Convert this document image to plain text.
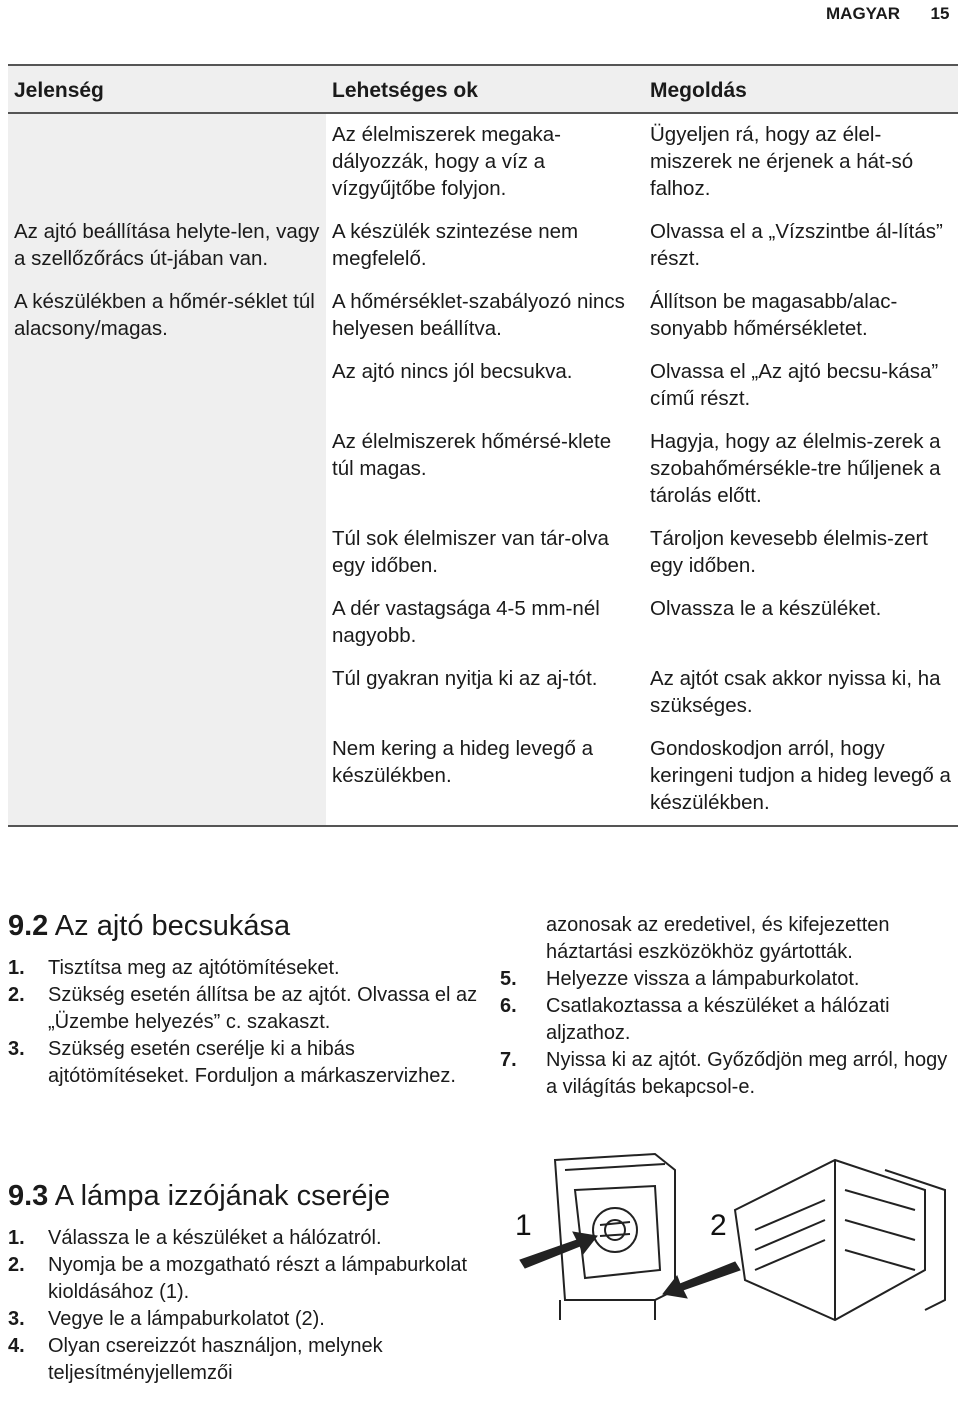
MAGYAR	15
Jelenség	Lehetséges ok	Megoldás
	Az élelmiszerek megaka-dályozzák, hogy a víz a vízgyűjtőbe folyjon.	Ügyeljen rá, hogy az élel-miszerek ne érjenek a hát-só falhoz.
Az ajtó beállítása helyte-len, vagy a szellőzőrács út-jában van.	A készülék szintezése nem megfelelő.	Olvassa el a „Vízszintbe ál-lítás” részt.
A készülékben a hőmér-séklet túl alacsony/magas.	A hőmérséklet-szabályozó nincs helyesen beállítva.	Állítson be magasabb/alac-sonyabb hőmérsékletet.
	Az ajtó nincs jól becsukva.	Olvassa el „Az ajtó becsu-kása” című részt.
	Az élelmiszerek hőmérsé-klete túl magas.	Hagyja, hogy az élelmis-zerek a szobahőmérsékle-tre hűljenek a tárolás előtt.
	Túl sok élelmiszer van tár-olva egy időben.	Tároljon kevesebb élelmis-zert egy időben.
	A dér vastagsága 4-5 mm-nél nagyobb.	Olvassza le a készüléket.
	Túl gyakran nyitja ki az aj-tót.	Az ajtót csak akkor nyissa ki, ha szükséges.
	Nem kering a hideg levegő a készülékben.	Gondoskodjon arról, hogy keringeni tudjon a hideg levegő a készülékben.
9.2 Az ajtó becsukása
1. Tisztítsa meg az ajtótömítéseket.
2. Szükség esetén állítsa be az ajtót. Olvassa el az „Üzembe helyezés” c. szakaszt.
3. Szükség esetén cserélje ki a hibás ajtótömítéseket. Forduljon a márkaszervizhez.
9.3 A lámpa izzójának cseréje
1. Válassza le a készüléket a hálózatról.
2. Nyomja be a mozgatható részt a lámpaburkolat kioldásához (1).
3. Vegye le a lámpaburkolatot (2).
4. Olyan csereizzót használjon, melynek teljesítményjellemzői

azonosak az eredetivel, és kifejezetten háztartási eszközökhöz gyártották.

5. Helyezze vissza a lámpaburkolatot.
6. Csatlakoztassa a készüléket a hálózati aljzathoz.
7. Nyissa ki az ajtót. Győződjön meg arról, hogy a világítás bekapcsol-e.
1	2
